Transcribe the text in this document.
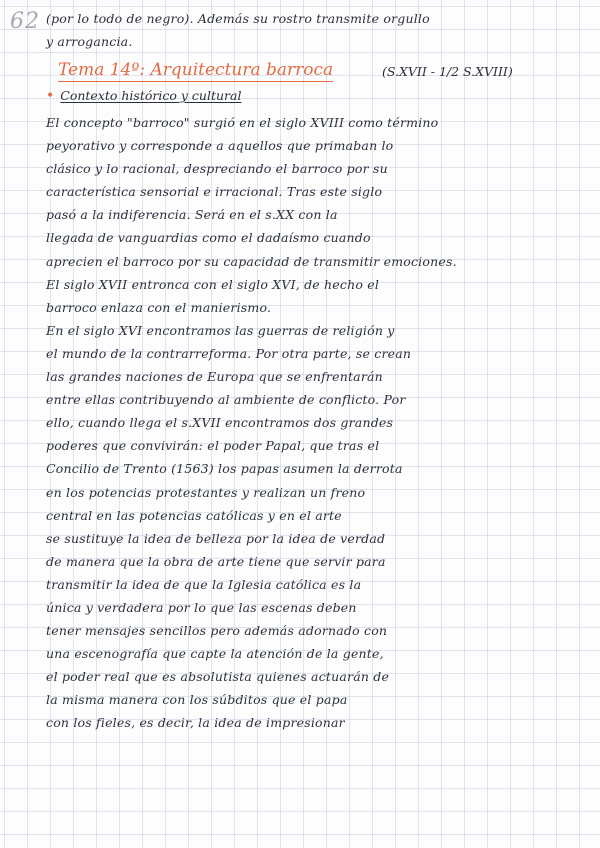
62 (por lo todo de negro). Además su rostro transmite orgullo
y arrogancia.
Tema 14º: Arquitectura barroca	(S.XVII - 1/2 S.XVIII)
• Contexto histórico y cultural
El concepto "barroco" surgió en el siglo XVIII como término
peyorativo y corresponde a aquellos que primaban lo
clásico y lo racional, despreciando el barroco por su
característica sensorial e irracional. Tras este siglo
pasó a la indiferencia. Será en el s.XX con la
llegada de vanguardias como el dadaísmo cuando
aprecien el barroco por su capacidad de transmitir emociones.
El siglo XVII entronca con el siglo XVI, de hecho el
barroco enlaza con el manierismo.
En el siglo XVI encontramos las guerras de religión y
el mundo de la contrarreforma. Por otra parte, se crean
las grandes naciones de Europa que se enfrentarán
entre ellas contribuyendo al ambiente de conflicto. Por
ello, cuando llega el s.XVII encontramos dos grandes
poderes que convivirán: el poder Papal, que tras el
Concilio de Trento (1563) los papas asumen la derrota
en los potencias protestantes y realizan un freno
central en las potencias católicas y en el arte
se sustituye la idea de belleza por la idea de verdad
de manera que la obra de arte tiene que servir para
transmitir la idea de que la Iglesia católica es la
única y verdadera por lo que las escenas deben
tener mensajes sencillos pero además adornado con
una escenografía que capte la atención de la gente,
el poder real que es absolutista quienes actuarán de
la misma manera con los súbditos que el papa
con los fieles, es decir, la idea de impresionar
